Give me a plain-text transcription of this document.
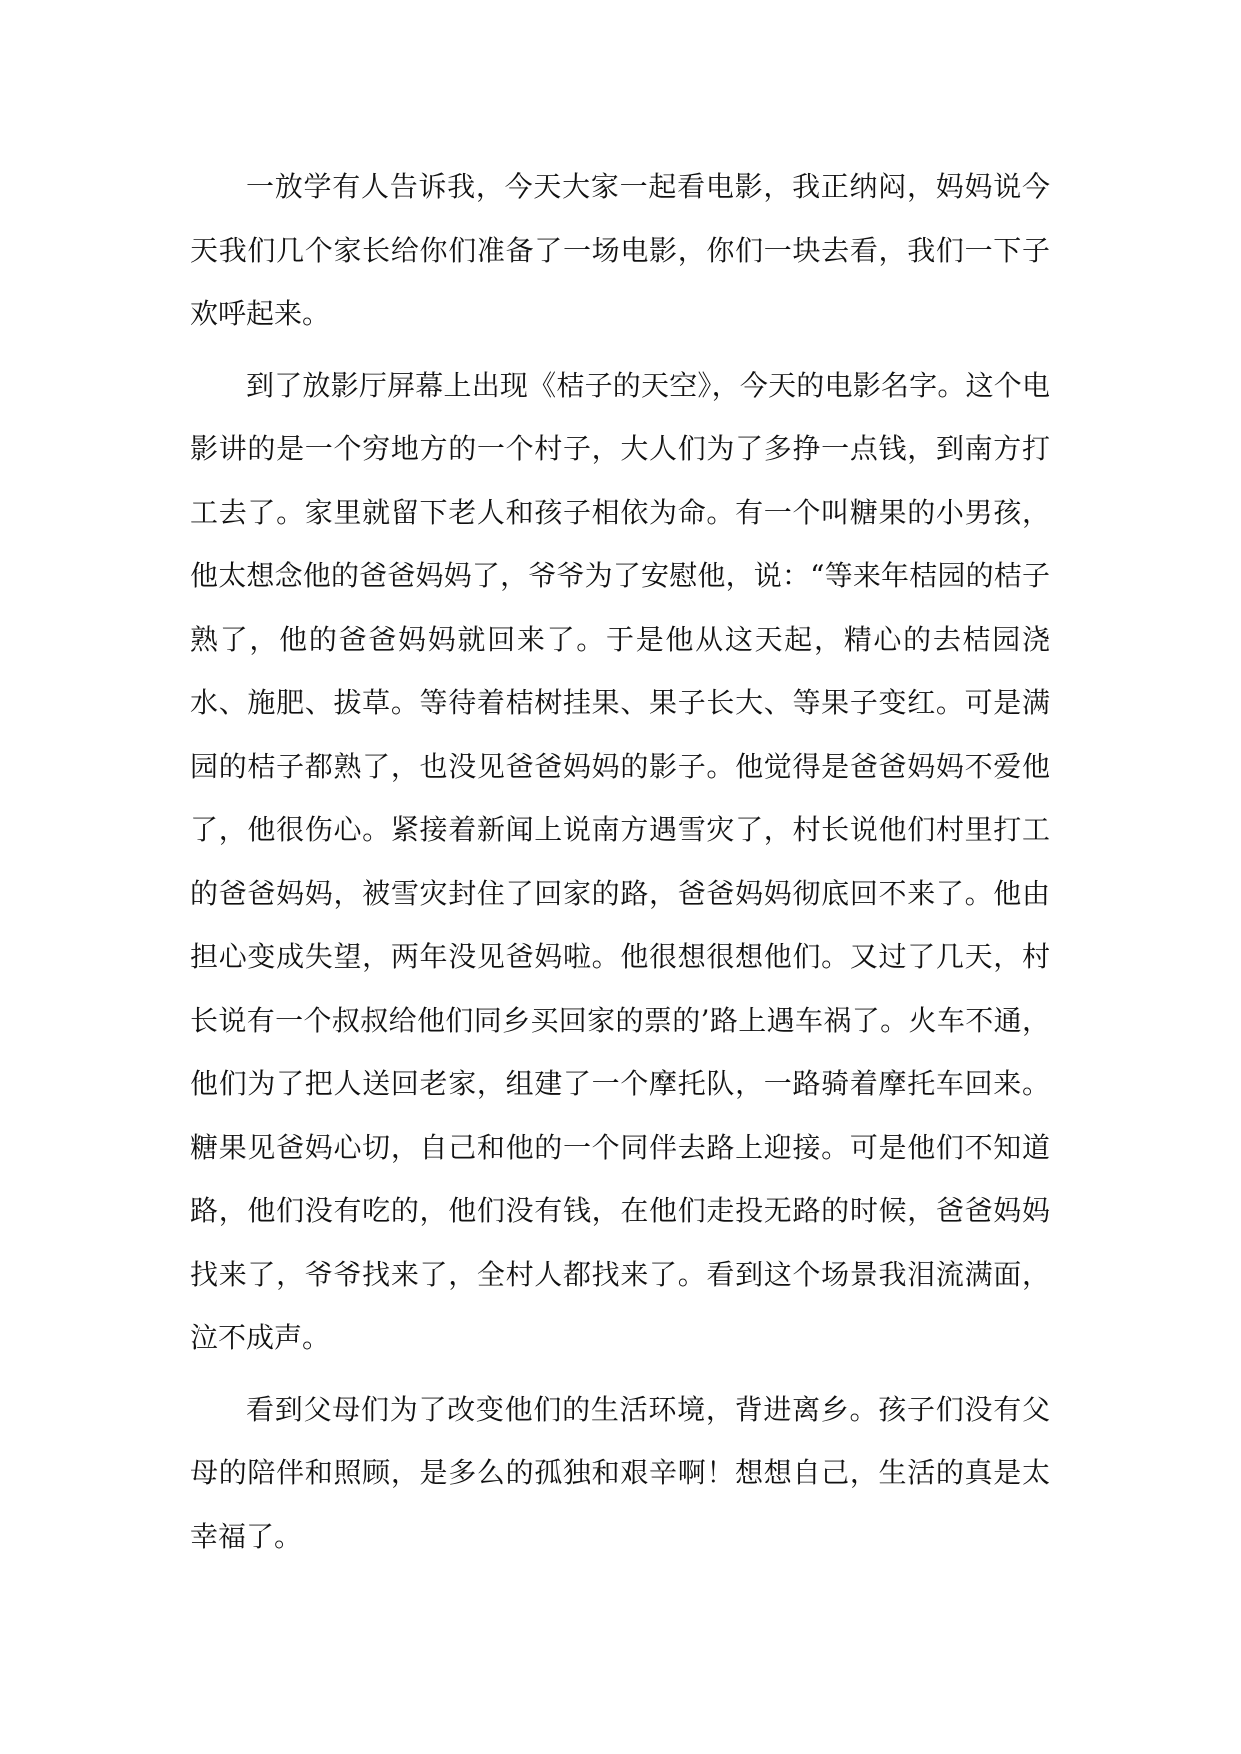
一放学有人告诉我，今天大家一起看电影，我正纳闷，妈妈说今天我们几个家长给你们准备了一场电影，你们一块去看，我们一下子欢呼起来。

到了放影厅屏幕上出现《桔子的天空》，今天的电影名字。这个电影讲的是一个穷地方的一个村子，大人们为了多挣一点钱，到南方打工去了。家里就留下老人和孩子相依为命。有一个叫糖果的小男孩，他太想念他的爸爸妈妈了，爷爷为了安慰他，说：“等来年桔园的桔子熟了，他的爸爸妈妈就回来了。于是他从这天起，精心的去桔园浇水、施肥、拔草。等待着桔树挂果、果子长大、等果子变红。可是满园的桔子都熟了，也没见爸爸妈妈的影子。他觉得是爸爸妈妈不爱他了，他很伤心。紧接着新闻上说南方遇雪灾了，村长说他们村里打工的爸爸妈妈，被雪灾封住了回家的路，爸爸妈妈彻底回不来了。他由担心变成失望，两年没见爸妈啦。他很想很想他们。又过了几天，村长说有一个叔叔给他们同乡买回家的票的’路上遇车祸了。火车不通，他们为了把人送回老家，组建了一个摩托队，一路骑着摩托车回来。糖果见爸妈心切，自己和他的一个同伴去路上迎接。可是他们不知道路，他们没有吃的，他们没有钱，在他们走投无路的时候，爸爸妈妈找来了，爷爷找来了，全村人都找来了。看到这个场景我泪流满面，泣不成声。

看到父母们为了改变他们的生活环境，背进离乡。孩子们没有父母的陪伴和照顾，是多么的孤独和艰辛啊！想想自己，生活的真是太幸福了。
